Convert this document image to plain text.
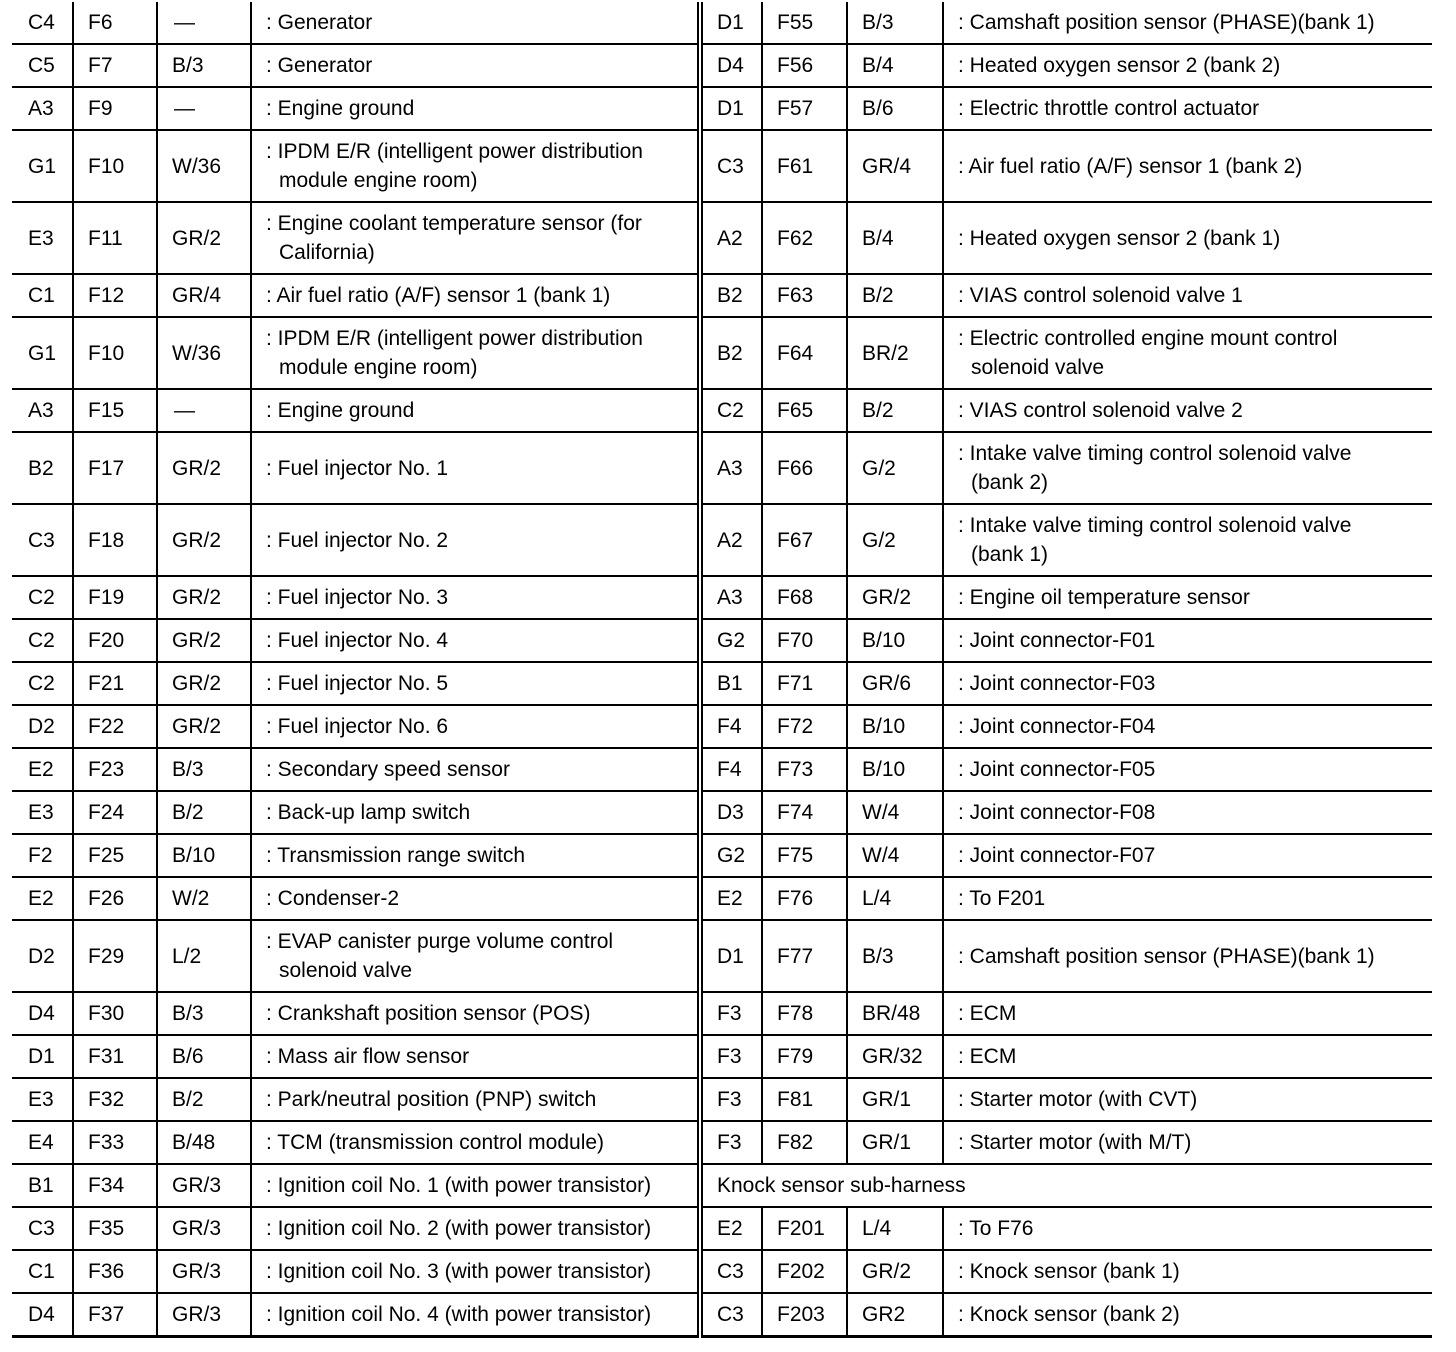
C4	F6	—	: Generator	D1	F55	B/3	: Camshaft position sensor (PHASE)(bank 1)

C5	F7	B/3	: Generator	D4	F56	B/4	: Heated oxygen sensor 2 (bank 2)

A3	F9	—	: Engine ground	D1	F57	B/6	: Electric throttle control actuator

G1	F10	W/36	: IPDM E/R (intelligent power distribution
module engine room)	C3	F61	GR/4	: Air fuel ratio (A/F) sensor 1 (bank 2)

E3	F11	GR/2	: Engine coolant temperature sensor (for
California)	A2	F62	B/4	: Heated oxygen sensor 2 (bank 1)

C1	F12	GR/4	: Air fuel ratio (A/F) sensor 1 (bank 1)	B2	F63	B/2	: VIAS control solenoid valve 1

G1	F10	W/36	: IPDM E/R (intelligent power distribution
module engine room)	B2	F64	BR/2	: Electric controlled engine mount control
solenoid valve

A3	F15	—	: Engine ground	C2	F65	B/2	: VIAS control solenoid valve 2

B2	F17	GR/2	: Fuel injector No. 1	A3	F66	G/2	: Intake valve timing control solenoid valve
(bank 2)

C3	F18	GR/2	: Fuel injector No. 2	A2	F67	G/2	: Intake valve timing control solenoid valve
(bank 1)

C2	F19	GR/2	: Fuel injector No. 3	A3	F68	GR/2	: Engine oil temperature sensor

C2	F20	GR/2	: Fuel injector No. 4	G2	F70	B/10	: Joint connector-F01

C2	F21	GR/2	: Fuel injector No. 5	B1	F71	GR/6	: Joint connector-F03

D2	F22	GR/2	: Fuel injector No. 6	F4	F72	B/10	: Joint connector-F04

E2	F23	B/3	: Secondary speed sensor	F4	F73	B/10	: Joint connector-F05

E3	F24	B/2	: Back-up lamp switch	D3	F74	W/4	: Joint connector-F08

F2	F25	B/10	: Transmission range switch	G2	F75	W/4	: Joint connector-F07

E2	F26	W/2	: Condenser-2	E2	F76	L/4	: To F201

D2	F29	L/2	: EVAP canister purge volume control
solenoid valve	D1	F77	B/3	: Camshaft position sensor (PHASE)(bank 1)

D4	F30	B/3	: Crankshaft position sensor (POS)	F3	F78	BR/48	: ECM

D1	F31	B/6	: Mass air flow sensor	F3	F79	GR/32	: ECM

E3	F32	B/2	: Park/neutral position (PNP) switch	F3	F81	GR/1	: Starter motor (with CVT)

E4	F33	B/48	: TCM (transmission control module)	F3	F82	GR/1	: Starter motor (with M/T)

B1	F34	GR/3	: Ignition coil No. 1 (with power transistor)	Knock sensor sub-harness			
C3	F35	GR/3	: Ignition coil No. 2 (with power transistor)	E2	F201	L/4	: To F76

C1	F36	GR/3	: Ignition coil No. 3 (with power transistor)	C3	F202	GR/2	: Knock sensor (bank 1)

D4	F37	GR/3	: Ignition coil No. 4 (with power transistor)	C3	F203	GR2	: Knock sensor (bank 2)
